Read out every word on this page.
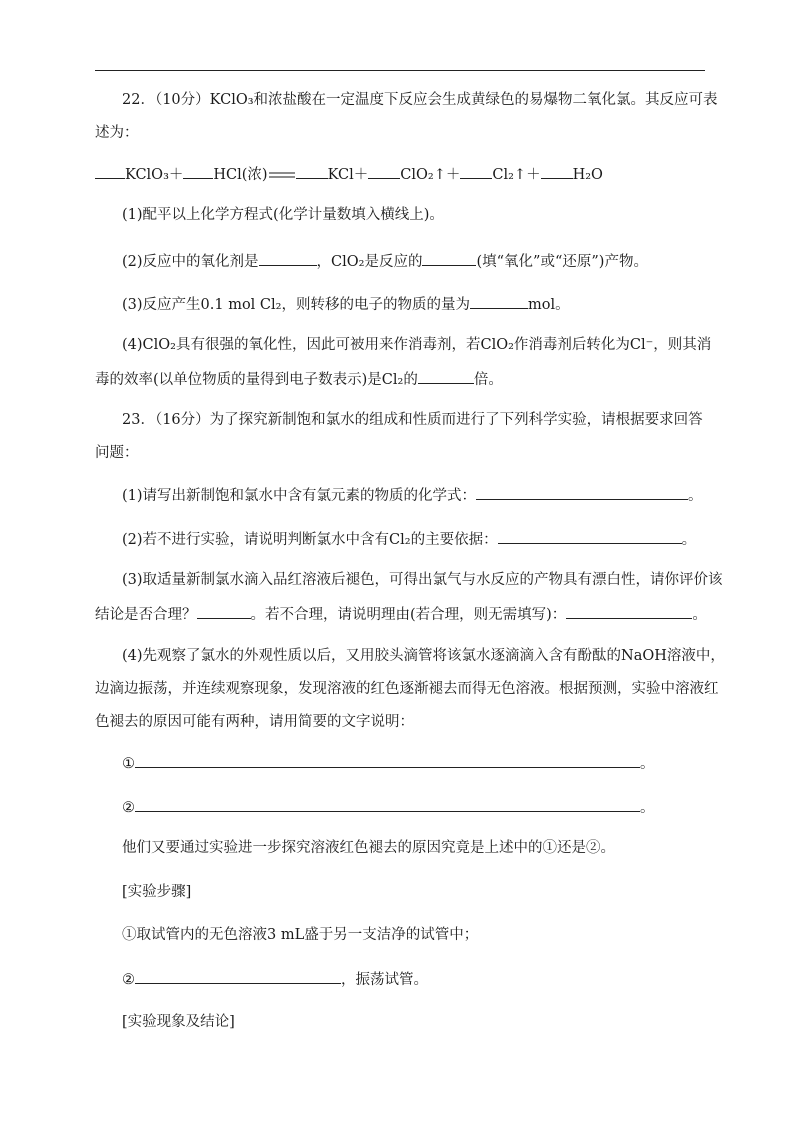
22．（10分）KClO₃和浓盐酸在一定温度下反应会生成黄绿色的易爆物二氧化氯。其反应可表
述为：
KClO₃＋ HCl(浓)	KCl＋ ClO₂↑＋ Cl₂↑＋ H₂O
(1)配平以上化学方程式(化学计量数填入横线上)。
(2)反应中的氧化剂是	，ClO₂是反应的	(填“氧化”或“还原”)产物。
(3)反应产生0.1 mol Cl₂，则转移的电子的物质的量为	mol。
(4)ClO₂具有很强的氧化性，因此可被用来作消毒剂，若ClO₂作消毒剂后转化为Cl⁻，则其消
毒的效率(以单位物质的量得到电子数表示)是Cl₂的	倍。
23．（16分）为了探究新制饱和氯水的组成和性质而进行了下列科学实验，请根据要求回答
问题：
(1)请写出新制饱和氯水中含有氯元素的物质的化学式：	。
(2)若不进行实验，请说明判断氯水中含有Cl₂的主要依据：	。
(3)取适量新制氯水滴入品红溶液后褪色，可得出氯气与水反应的产物具有漂白性，请你评价该
结论是否合理？	。若不合理，请说明理由(若合理，则无需填写)：	。
(4)先观察了氯水的外观性质以后，又用胶头滴管将该氯水逐滴滴入含有酚酞的NaOH溶液中，
边滴边振荡，并连续观察现象，发现溶液的红色逐渐褪去而得无色溶液。根据预测，实验中溶液红
色褪去的原因可能有两种，请用简要的文字说明：
①	。
②	。
他们又要通过实验进一步探究溶液红色褪去的原因究竟是上述中的①还是②。
[实验步骤]
①取试管内的无色溶液3 mL盛于另一支洁净的试管中；
②	，振荡试管。
[实验现象及结论]
